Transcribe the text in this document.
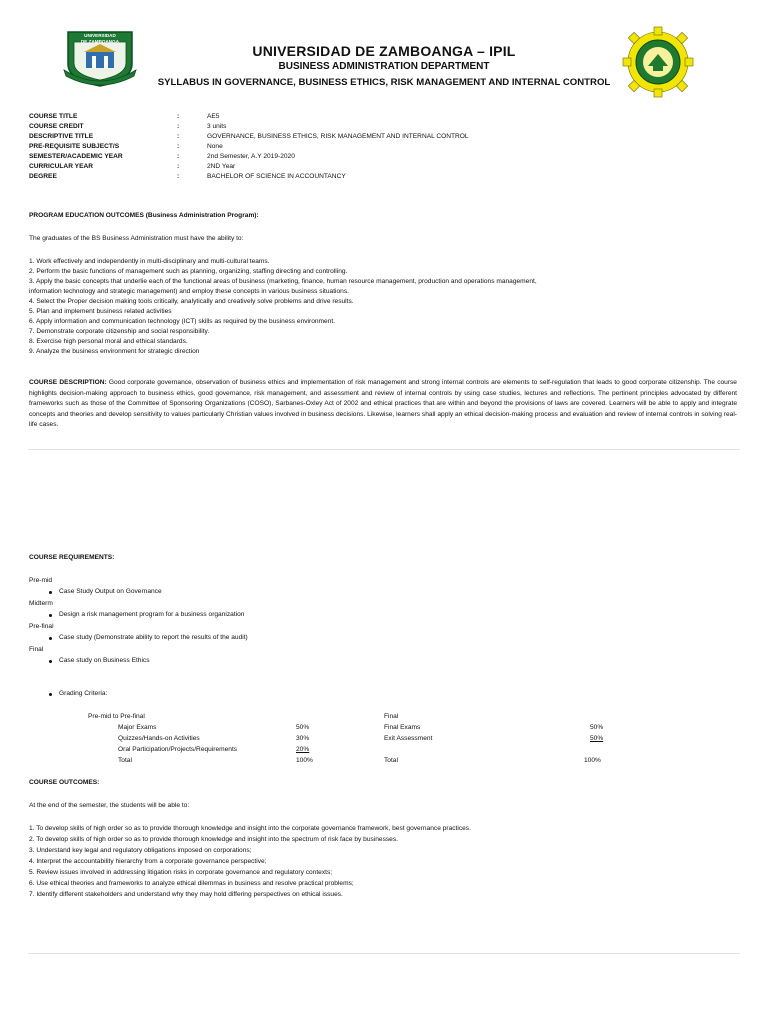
UNIVERSIDAD
DE ZAMBOANGA
UNIVERSIDAD DE ZAMBOANGA – IPIL
BUSINESS ADMINISTRATION DEPARTMENT
SYLLABUS IN GOVERNANCE, BUSINESS ETHICS, RISK MANAGEMENT AND INTERNAL CONTROL
COURSE TITLE	:	AE5
COURSE CREDIT	:	3 units
DESCRIPTIVE TITLE	:	GOVERNANCE, BUSINESS ETHICS, RISK MANAGEMENT AND INTERNAL CONTROL
PRE-REQUISITE SUBJECT/S	:	None
SEMESTER/ACADEMIC YEAR	:	2nd Semester, A.Y 2019-2020
CURRICULAR YEAR	:	2ND Year
DEGREE	:	BACHELOR OF SCIENCE IN ACCOUNTANCY
PROGRAM EDUCATION OUTCOMES (Business Administration Program):
The graduates of the BS Business Administration must have the ability to:
1. Work effectively and independently in multi-disciplinary and multi-cultural teams.
2. Perform the basic functions of management such as planning, organizing, staffing directing and controlling.
3. Apply the basic concepts that underlie each of the functional areas of business (marketing, finance, human resource management, production and operations management,
information technology and strategic management) and employ these concepts in various business situations.
4. Select the Proper decision making tools critically, analytically and creatively solve problems and drive results.
5. Plan and implement business related activities
6. Apply information and communication technology (ICT) skills as required by the business environment.
7. Demonstrate corporate citizenship and social responsibility.
8. Exercise high personal moral and ethical standards.
9. Analyze the business environment for strategic direction
COURSE DESCRIPTION: Good corporate governance, observation of business ethics and implementation of risk management and strong internal controls are elements to self-regulation that leads to good corporate citizenship. The course highlights decision-making approach to business ethics, good governance, risk management, and assessment and review of internal controls by using case studies, lectures and reflections. The pertinent principles advocated by different frameworks such as those of the Committee of Sponsoring Organizations (COSO), Sarbanes-Oxley Act of 2002 and ethical practices that are within and beyond the provisions of laws are covered. Learners will be able to apply and integrate concepts and theories and develop sensitivity to values particularly Christian values involved in business decisions. Likewise, learners shall apply an ethical decision-making process and evaluation and review of internal controls in solving real-life cases.
COURSE REQUIREMENTS:
Pre-mid
Case Study Output on Governance
Midterm
Design a risk management program for a business organization
Pre-final
Case study (Demonstrate ability to report the results of the audit)
Final
Case study on Business Ethics
Grading Criteria:
Pre-mid to Pre-final
Major Exams	50%
Quizzes/Hands-on Activities	30%
Oral Participation/Projects/Requirements	20%
Total	100%
Final
Final Exams	50%
Exit Assessment	50%
Total	100%
COURSE OUTCOMES:
At the end of the semester, the students will be able to:
1. To develop skills of high order so as to provide thorough knowledge and insight into the corporate governance framework, best governance practices.
2. To develop skills of high order so as to provide thorough knowledge and insight into the spectrum of risk face by businesses.
3. Understand key legal and regulatory obligations imposed on corporations;
4. Interpret the accountability hierarchy from a corporate governance perspective;
5. Review issues involved in addressing litigation risks in corporate governance and regulatory contexts;
6. Use ethical theories and frameworks to analyze ethical dilemmas in business and resolve practical problems;
7. Identify different stakeholders and understand why they may hold differing perspectives on ethical issues.
